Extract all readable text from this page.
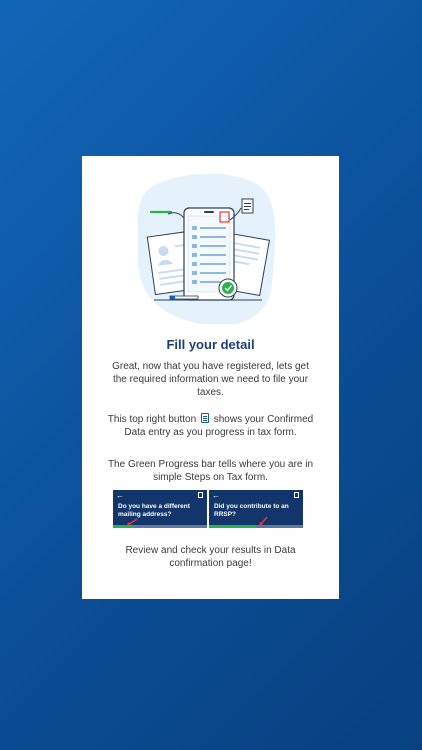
Fill your detail
Great, now that you have registered, lets get the required information we need to file your taxes.
This top right button shows your Confirmed Data entry as you progress in tax form.
The Green Progress bar tells where you are in simple Steps on Tax form.
←
Do you have a different mailing address?
←
Did you contribute to an RRSP?
Review and check your results in Data confirmation page!
